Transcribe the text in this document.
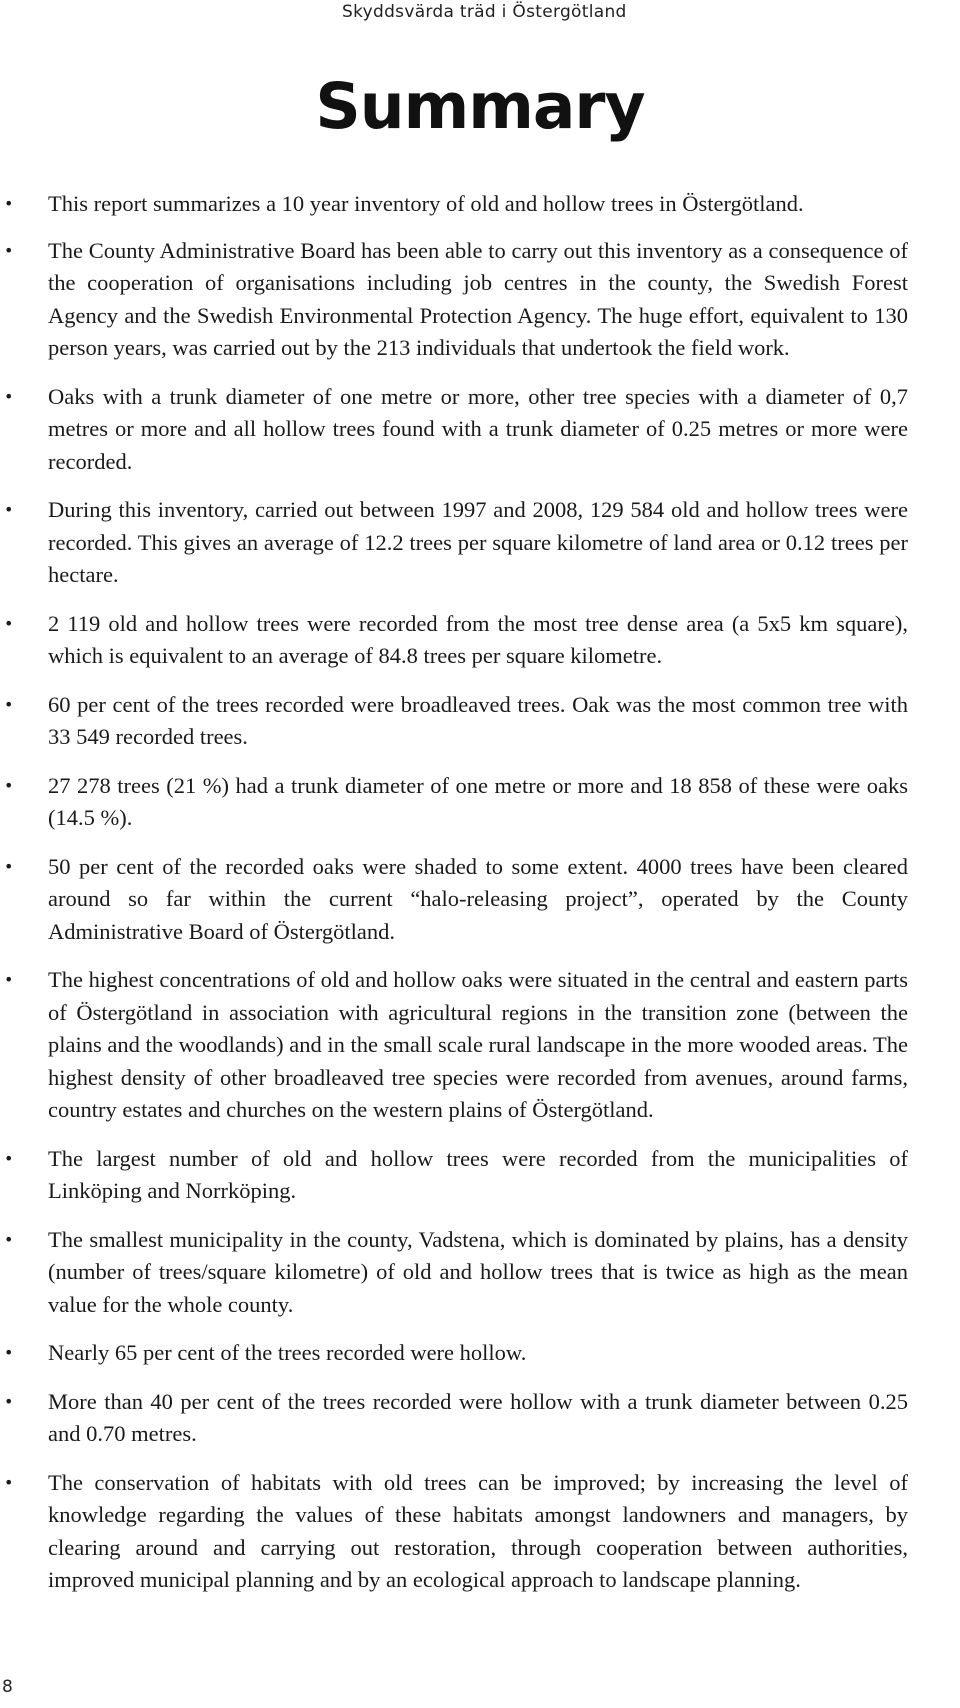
Skyddsvärda träd i Östergötland
Summary
• This report summarizes a 10 year inventory of old and hollow trees in Östergötland.
• The County Administrative Board has been able to carry out this inventory as a consequence of the cooperation of organisations including job centres in the county, the Swedish Forest Agency and the Swedish Environmental Protection Agency. The huge effort, equivalent to 130 person years, was carried out by the 213 individuals that undertook the field work.
• Oaks with a trunk diameter of one metre or more, other tree species with a diameter of 0,7 metres or more and all hollow trees found with a trunk diameter of 0.25 metres or more were recorded.
• During this inventory, carried out between 1997 and 2008, 129 584 old and hollow trees were recorded. This gives an average of 12.2 trees per square kilometre of land area or 0.12 trees per hectare.
• 2 119 old and hollow trees were recorded from the most tree dense area (a 5x5 km square), which is equivalent to an average of 84.8 trees per square kilometre.
• 60 per cent of the trees recorded were broadleaved trees. Oak was the most common tree with 33 549 recorded trees.
• 27 278 trees (21 %) had a trunk diameter of one metre or more and 18 858 of these were oaks (14.5 %).
• 50 per cent of the recorded oaks were shaded to some extent. 4000 trees have been cleared around so far within the current “halo-releasing project”, operated by the County Administrative Board of Östergötland.
• The highest concentrations of old and hollow oaks were situated in the central and eastern parts of Östergötland in association with agricultural regions in the transition zone (between the plains and the woodlands) and in the small scale rural landscape in the more wooded areas. The highest density of other broadleaved tree species were recorded from avenues, around farms, country estates and churches on the western plains of Östergötland.
• The largest number of old and hollow trees were recorded from the municipalities of Linköping and Norrköping.
• The smallest municipality in the county, Vadstena, which is dominated by plains, has a density (number of trees/square kilometre) of old and hollow trees that is twice as high as the mean value for the whole county.
• Nearly 65 per cent of the trees recorded were hollow.
• More than 40 per cent of the trees recorded were hollow with a trunk diameter between 0.25 and 0.70 metres.
• The conservation of habitats with old trees can be improved; by increasing the level of knowledge regarding the values of these habitats amongst landowners and managers, by clearing around and carrying out restoration, through cooperation between authorities, improved municipal planning and by an ecological approach to landscape planning.
8
